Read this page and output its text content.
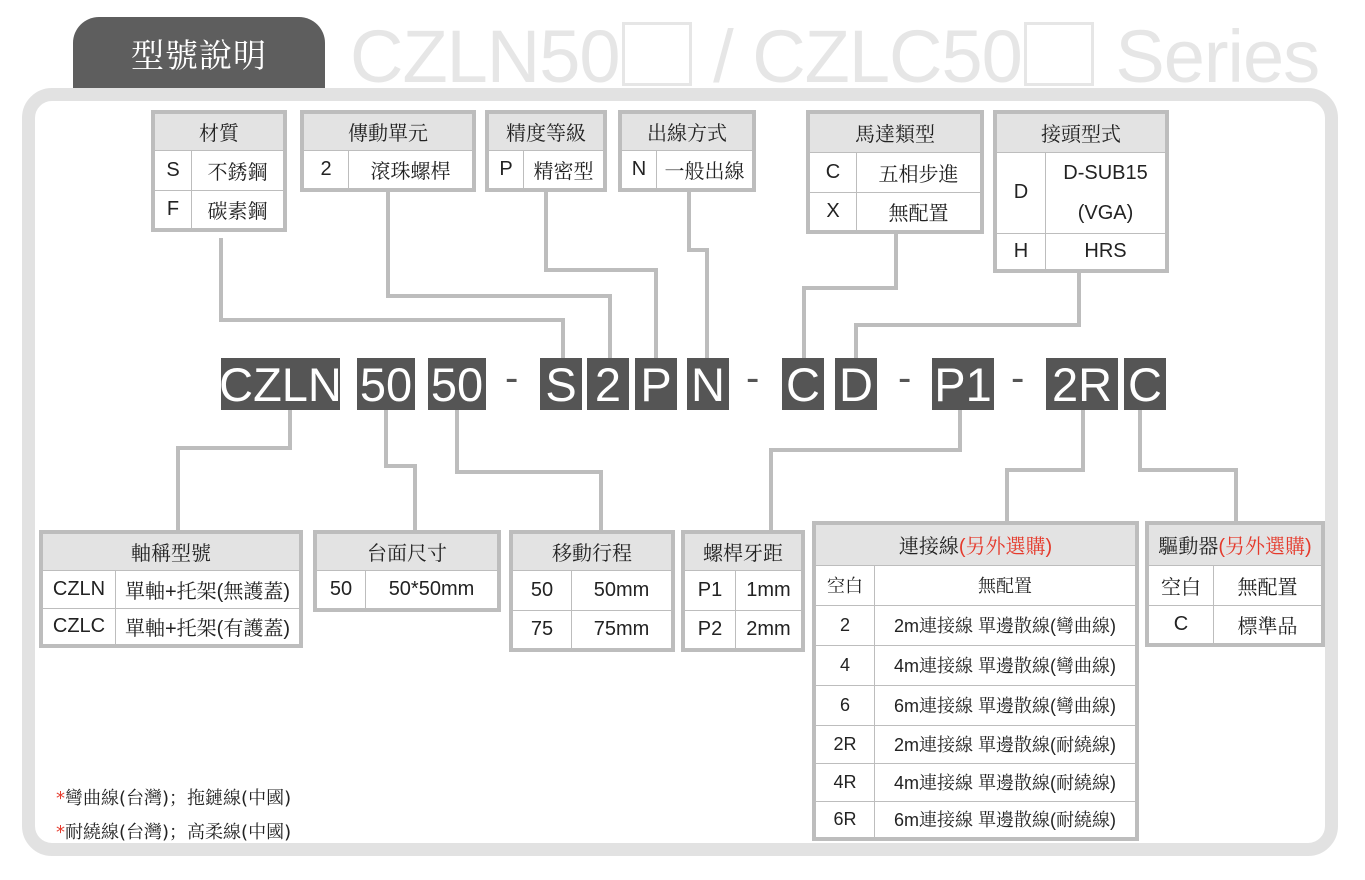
型號說明 CZLN50 / CZLC50 Series
材質	
S	不銹鋼
F	碳素鋼
傳動單元
2	滾珠螺桿
精度等級
P	精密型
出線方式
N	一般出線
馬達類型	
C	五相步進
X	無配置
接頭型式	
D	D-SUB15
(VGA)
H	HRS
CZLN 50 50 - S 2 P N - C D - P1 - 2R C
軸稱型號	
CZLN	單軸+托架(無護蓋)
CZLC	單軸+托架(有護蓋)
台面尺寸
50	50*50mm
移動行程	
50	50mm
75	75mm
螺桿牙距	
P1	1mm
P2	2mm
連接線(另外選購)	
空白	無配置
2	2m連接線 單邊散線(彎曲線)
4	4m連接線 單邊散線(彎曲線)
6	6m連接線 單邊散線(彎曲線)
2R	2m連接線 單邊散線(耐繞線)
4R	4m連接線 單邊散線(耐繞線)
6R	6m連接線 單邊散線(耐繞線)
驅動器(另外選購)	
空白	無配置
C	標準品
*彎曲線(台灣)；拖鏈線(中國)
*耐繞線(台灣)；高柔線(中國)
